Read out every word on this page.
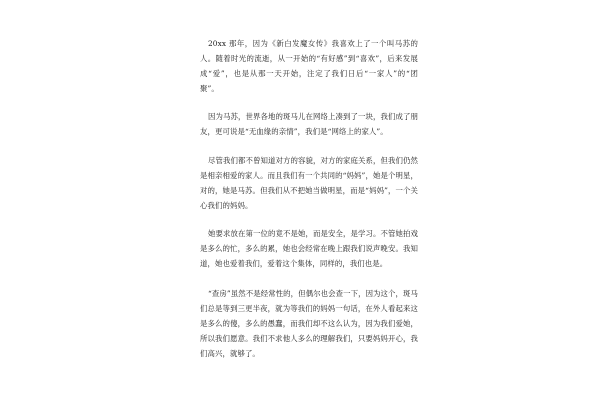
20xx 那年，因为《新白发魔女传》我喜欢上了一个叫马苏的人。随着时光的流逝，从一开始的“有好感”到“喜欢”，后来发展成“爱”，也是从那一天开始，注定了我们日后“一家人”的“团聚”。

因为马苏，世界各地的斑马儿在网络上凑到了一块，我们成了朋友，更可说是“无血缘的亲情”，我们是“网络上的家人”。

尽管我们都不曾知道对方的容貌，对方的家庭关系，但我们仍然是相亲相爱的家人。而且我们有一个共同的“妈妈”，她是个明星，对的，她是马苏。但我们从不把她当做明星，而是“妈妈”，一个关心我们的妈妈。

她要求放在第一位的竟不是她，而是安全，是学习。不管她拍戏是多么的忙，多么的累，她也会经常在晚上跟我们说声晚安。我知道，她也爱着我们，爱着这个集体，同样的，我们也是。

“查房”虽然不是经常性的，但偶尔也会查一下，因为这个，斑马们总是等到三更半夜，就为等我们的妈妈一句话，在外人看起来这是多么的傻，多么的愚蠢，而我们却不这么认为，因为我们爱她，所以我们愿意。我们不求他人多么的理解我们，只要妈妈开心，我们高兴，就够了。
